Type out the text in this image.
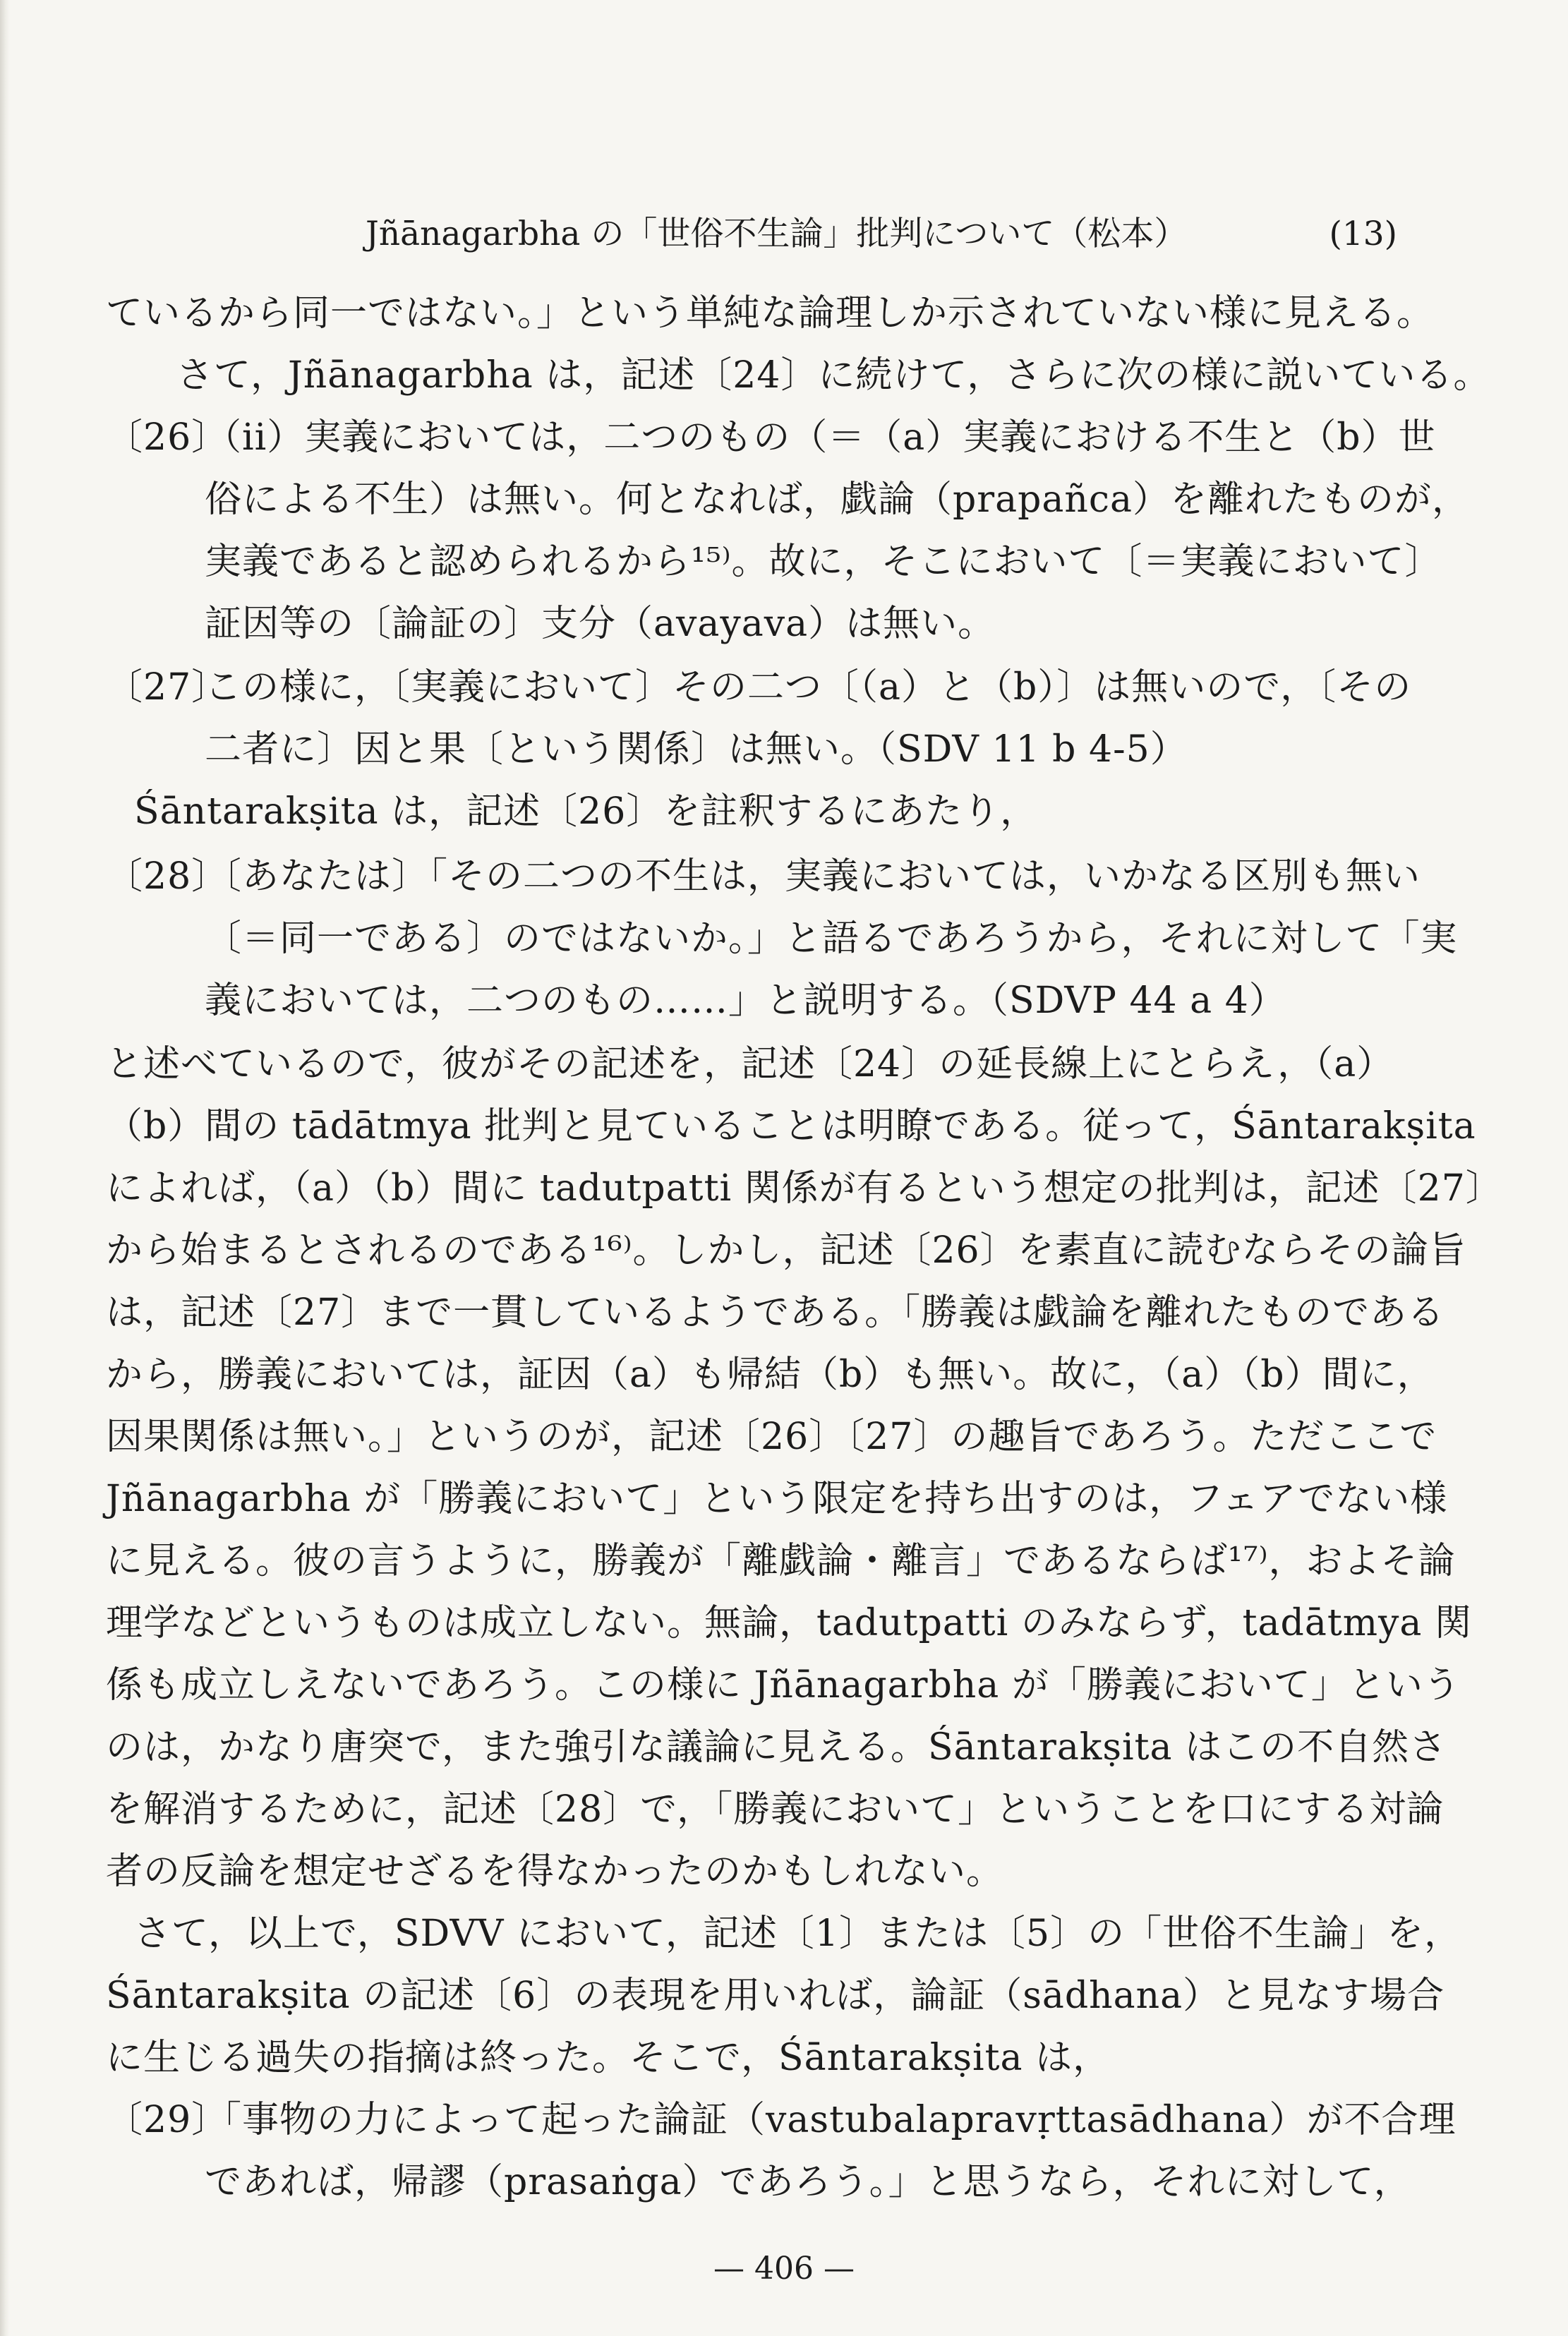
Jñānagarbha の「世俗不生論」批判について（松本）	(13)
ているから同一ではない。」という単純な論理しか示されていない様に見える。
さて，Jñānagarbha は，記述〔24〕に続けて，さらに次の様に説いている。
〔26〕
（ii）実義においては，二つのもの（＝（a）実義における不生と（b）世
俗による不生）は無い。何となれば，戯論（prapañca）を離れたものが，
実義であると認められるから¹⁵⁾。故に，そこにおいて〔＝実義において〕
証因等の〔論証の〕支分（avayava）は無い。
〔27〕
この様に，〔実義において〕その二つ〔（a）と（b）〕は無いので，〔その
二者に〕因と果〔という関係〕は無い。（SDV 11 b 4-5）
Śāntarakṣita は，記述〔26〕を註釈するにあたり，
〔28〕
〔あなたは〕「その二つの不生は，実義においては，いかなる区別も無い
〔＝同一である〕のではないか。」と語るであろうから，それに対して「実
義においては，二つのもの……」と説明する。（SDVP 44 a 4）
と述べているので，彼がその記述を，記述〔24〕の延長線上にとらえ，（a）
（b）間の tādātmya 批判と見ていることは明瞭である。従って，Śāntarakṣita
によれば，（a）（b）間に tadutpatti 関係が有るという想定の批判は，記述〔27〕
から始まるとされるのである¹⁶⁾。しかし，記述〔26〕を素直に読むならその論旨
は，記述〔27〕まで一貫しているようである。「勝義は戯論を離れたものである
から，勝義においては，証因（a）も帰結（b）も無い。故に，（a）（b）間に，
因果関係は無い。」というのが，記述〔26〕〔27〕の趣旨であろう。ただここで
Jñānagarbha が「勝義において」という限定を持ち出すのは，フェアでない様
に見える。彼の言うように，勝義が「離戯論・離言」であるならば¹⁷⁾，およそ論
理学などというものは成立しない。無論，tadutpatti のみならず，tadātmya 関
係も成立しえないであろう。この様に Jñānagarbha が「勝義において」という
のは，かなり唐突で，また強引な議論に見える。Śāntarakṣita はこの不自然さ
を解消するために，記述〔28〕で，「勝義において」ということを口にする対論
者の反論を想定せざるを得なかったのかもしれない。
さて，以上で，SDVV において，記述〔1〕または〔5〕の「世俗不生論」を，
Śāntarakṣita の記述〔6〕の表現を用いれば，論証（sādhana）と見なす場合
に生じる過失の指摘は終った。そこで，Śāntarakṣita は，
〔29〕
「事物の力によって起った論証（vastubalapravṛttasādhana）が不合理
であれば，帰謬（prasaṅga）であろう。」と思うなら，それに対して，
— 406 —
